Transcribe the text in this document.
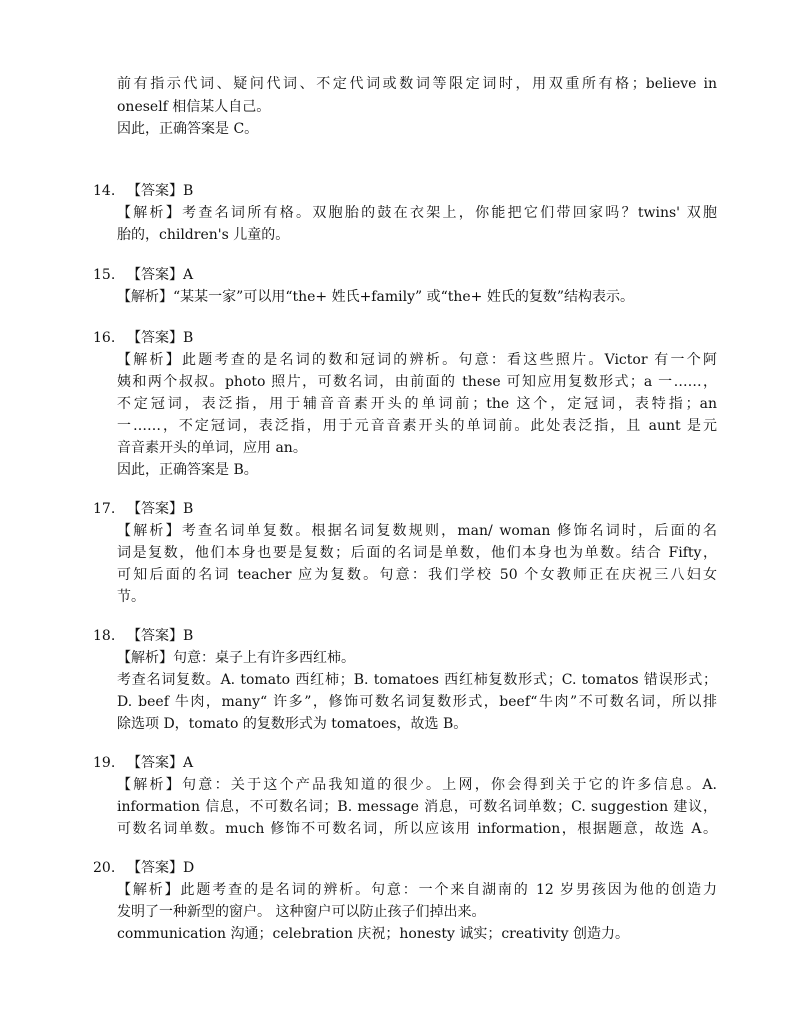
前有指示代词、疑问代词、不定代词或数词等限定词时，用双重所有格；believe in
oneself 相信某人自己。
因此，正确答案是 C。
14. 【答案】B
【解析】考查名词所有格。双胞胎的鼓在衣架上，你能把它们带回家吗？twins' 双胞
胎的，children's 儿童的。
15. 【答案】A
【解析】“某某一家”可以用“the+ 姓氏+family” 或“the+ 姓氏的复数”结构表示。
16. 【答案】B
【解析】此题考查的是名词的数和冠词的辨析。句意：看这些照片。Victor 有一个阿
姨和两个叔叔。photo 照片，可数名词，由前面的 these 可知应用复数形式；a 一……，
不定冠词，表泛指，用于辅音音素开头的单词前；the 这个，定冠词，表特指；an
一……，不定冠词，表泛指，用于元音音素开头的单词前。此处表泛指，且 aunt 是元
音音素开头的单词，应用 an。
因此，正确答案是 B。
17. 【答案】B
【解析】考查名词单复数。根据名词复数规则，man/ woman 修饰名词时，后面的名
词是复数，他们本身也要是复数；后面的名词是单数，他们本身也为单数。结合 Fifty，
可知后面的名词 teacher 应为复数。句意：我们学校 50 个女教师正在庆祝三八妇女
节。
18. 【答案】B
【解析】句意：桌子上有许多西红柿。
考查名词复数。A. tomato 西红柿；B. tomatoes 西红柿复数形式；C. tomatos 错误形式；
D. beef 牛肉，many“ 许多”，修饰可数名词复数形式，beef“牛肉”不可数名词，所以排
除选项 D，tomato 的复数形式为 tomatoes，故选 B。
19. 【答案】A
【解析】句意：关于这个产品我知道的很少。上网，你会得到关于它的许多信息。A.
information 信息，不可数名词；B. message 消息，可数名词单数；C. suggestion 建议，
可数名词单数。much 修饰不可数名词，所以应该用 information，根据题意，故选 A。
20. 【答案】D
【解析】此题考查的是名词的辨析。句意：一个来自湖南的 12 岁男孩因为他的创造力
发明了一种新型的窗户。 这种窗户可以防止孩子们掉出来。
communication 沟通；celebration 庆祝；honesty 诚实；creativity 创造力。
